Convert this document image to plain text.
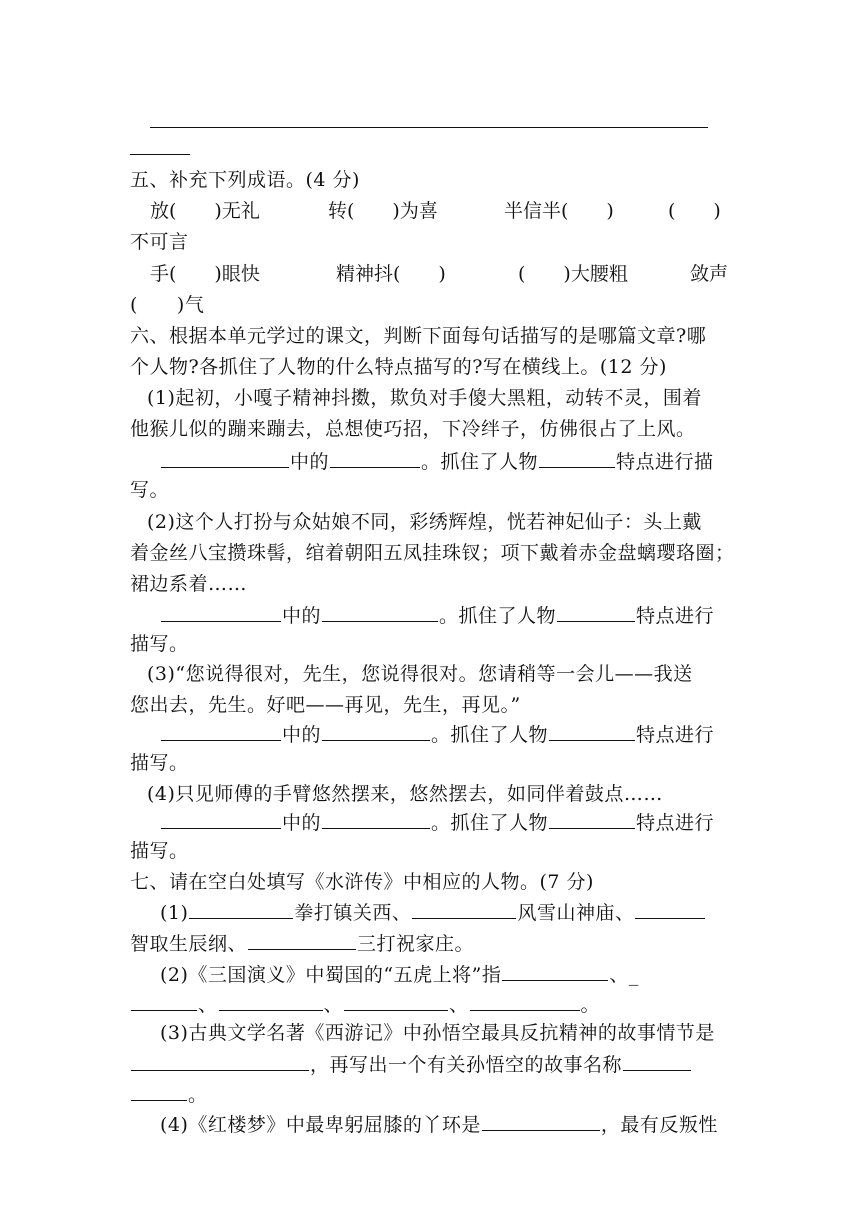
五、补充下列成语。(4 分)
放(　　)无礼	转(　　)为喜	半信半(　　)	(　　)
不可言
手(　　)眼快	精神抖(　　)	(　　)大腰粗	敛声
(　　)气
六、根据本单元学过的课文，判断下面每句话描写的是哪篇文章?哪
个人物?各抓住了人物的什么特点描写的?写在横线上。(12 分)
(1)起初，小嘎子精神抖擞，欺负对手傻大黑粗，动转不灵，围着
他猴儿似的蹦来蹦去，总想使巧招，下冷绊子，仿佛很占了上风。
中的	。抓住了人物	特点进行描
写。
(2)这个人打扮与众姑娘不同，彩绣辉煌，恍若神妃仙子：头上戴
着金丝八宝攒珠髻，绾着朝阳五凤挂珠钗；项下戴着赤金盘螭璎珞圈；
裙边系着……
中的	。抓住了人物	特点进行
描写。
(3)“您说得很对，先生，您说得很对。您请稍等一会儿——我送
您出去，先生。好吧——再见，先生，再见。”
中的	。抓住了人物	特点进行
描写。
(4)只见师傅的手臂悠然摆来，悠然摆去，如同伴着鼓点……
中的	。抓住了人物	特点进行
描写。
七、请在空白处填写《水浒传》中相应的人物。(7 分)
(1)	拳打镇关西、	风雪山神庙、
智取生辰纲、	三打祝家庄。
(2)《三国演义》中蜀国的“五虎上将”指	、_
、	、	、	。
(3)古典文学名著《西游记》中孙悟空最具反抗精神的故事情节是
，再写出一个有关孙悟空的故事名称
。
(4)《红楼梦》中最卑躬屈膝的丫环是	，最有反叛性
